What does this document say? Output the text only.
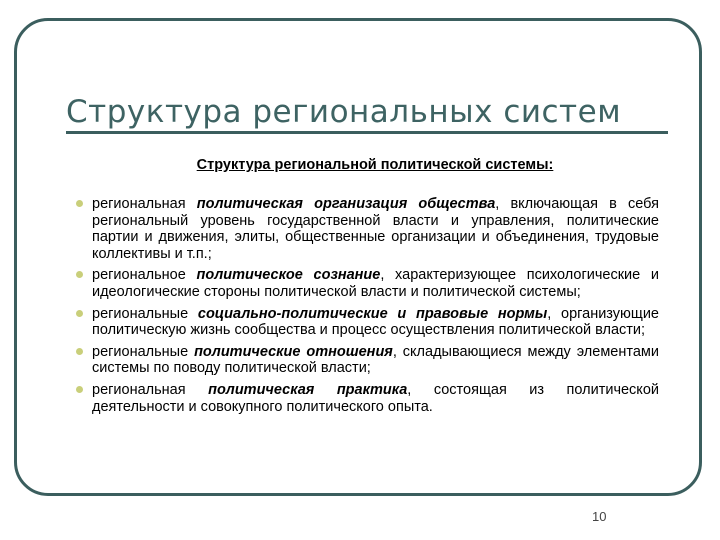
Структура региональных систем
Структура региональной политической системы:
региональная политическая организация общества, включающая в себя региональный уровень государственной власти и управления, политические партии и движения, элиты, общественные организации и объединения, трудовые коллективы и т.п.;
региональное политическое сознание, характеризующее психологические и идеологические стороны политической власти и политической системы;
региональные социально-политические и правовые нормы, организующие политическую жизнь сообщества и процесс осуществления политической власти;
региональные политические отношения, складывающиеся между элементами системы по поводу политической власти;
региональная политическая практика, состоящая из политической деятельности и совокупного политического опыта.
10
